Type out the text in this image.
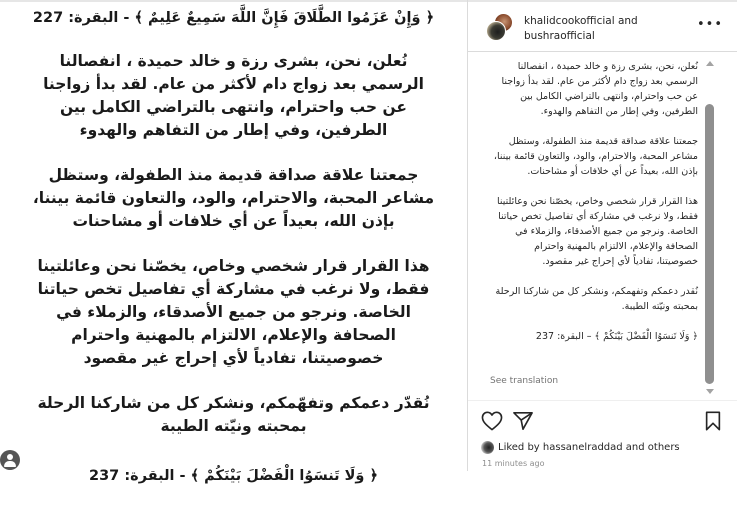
﴿ وَإِنْ عَزَمُوا الطَّلَاقَ فَإِنَّ اللَّهَ سَمِيعٌ عَلِيمٌ ﴾ - البقرة: 227
نُعلن، نحن، بشرى رزة و خالد حميدة ، انفصالنا الرسمي بعد زواج دام لأكثر من عام. لقد بدأ زواجنا عن حب واحترام، وانتهى بالتراضي الكامل بين الطرفين، وفي إطار من التفاهم والهدوء
جمعتنا علاقة صداقة قديمة منذ الطفولة، وستظل مشاعر المحبة، والاحترام، والود، والتعاون قائمة بيننا، بإذن الله، بعيداً عن أي خلافات أو مشاحنات
هذا القرار قرار شخصي وخاص، يخصّنا نحن وعائلتينا فقط، ولا نرغب في مشاركة أي تفاصيل تخص حياتنا الخاصة. ونرجو من جميع الأصدقاء، والزملاء في الصحافة والإعلام، الالتزام بالمهنية واحترام خصوصيتنا، تفادياً لأي إحراج غير مقصود
نُقدّر دعمكم وتفهّمكم، ونشكر كل من شاركنا الرحلة بمحبته ونيّته الطيبة
﴿ وَلَا تَنسَوُا الْفَضْلَ بَيْنَكُمْ ﴾ - البقرة: 237
khalidcookofficial and
bushraofficial
•••
نُعلن، نحن، بشرى رزة و خالد حميدة ، انفصالنا الرسمي بعد زواج دام لأكثر من عام. لقد بدأ زواجنا عن حب واحترام، وانتهى بالتراضي الكامل بين الطرفين، وفي إطار من التفاهم والهدوء.
جمعتنا علاقة صداقة قديمة منذ الطفولة، وستظل مشاعر المحبة، والاحترام، والود، والتعاون قائمة بيننا، بإذن الله، بعيداً عن أي خلافات أو مشاحنات.
هذا القرار قرار شخصي وخاص، يخصّنا نحن وعائلتينا فقط، ولا نرغب في مشاركة أي تفاصيل تخص حياتنا الخاصة. ونرجو من جميع الأصدقاء، والزملاء في الصحافة والإعلام، الالتزام بالمهنية واحترام خصوصيتنا، تفادياً لأي إحراج غير مقصود.
نُقدر دعمكم وتفهمكم، ونشكر كل من شاركنا الرحلة بمحبته ونيّته الطيبة.
﴿ وَلَا تَنسَوُا الْفَضْلَ بَيْنَكُمْ ﴾ – البقرة: 237
See translation
Liked by hassanelraddad and others
11 minutes ago
